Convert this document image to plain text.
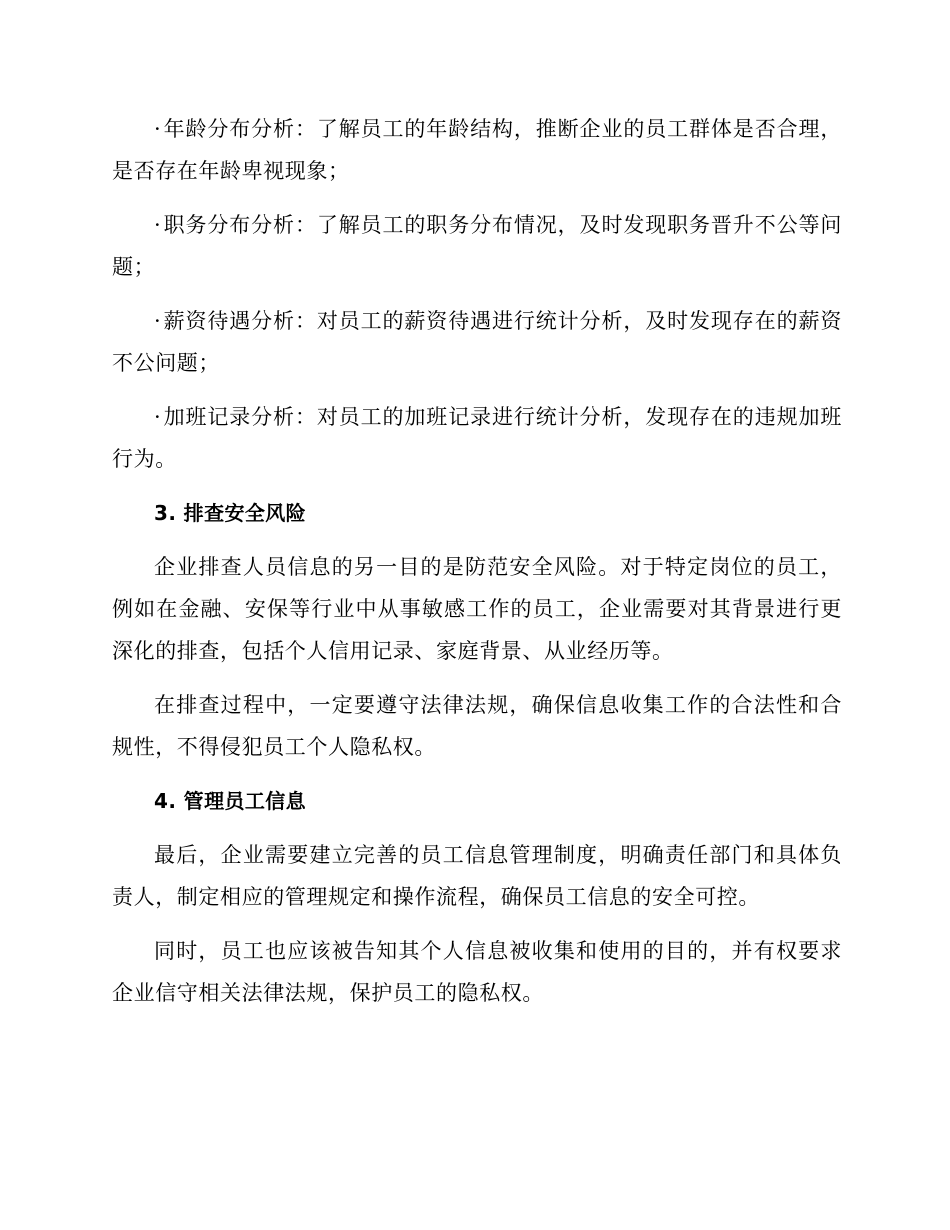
·年龄分布分析：了解员工的年龄结构，推断企业的员工群体是否合理，是否存在年龄卑视现象；

·职务分布分析：了解员工的职务分布情况，及时发现职务晋升不公等问题；

·薪资待遇分析：对员工的薪资待遇进行统计分析，及时发现存在的薪资不公问题；

·加班记录分析：对员工的加班记录进行统计分析，发现存在的违规加班行为。

3. 排查安全风险

企业排查人员信息的另一目的是防范安全风险。对于特定岗位的员工，例如在金融、安保等行业中从事敏感工作的员工，企业需要对其背景进行更深化的排查，包括个人信用记录、家庭背景、从业经历等。

在排查过程中，一定要遵守法律法规，确保信息收集工作的合法性和合规性，不得侵犯员工个人隐私权。

4. 管理员工信息

最后，企业需要建立完善的员工信息管理制度，明确责任部门和具体负责人，制定相应的管理规定和操作流程，确保员工信息的安全可控。

同时，员工也应该被告知其个人信息被收集和使用的目的，并有权要求企业信守相关法律法规，保护员工的隐私权。
